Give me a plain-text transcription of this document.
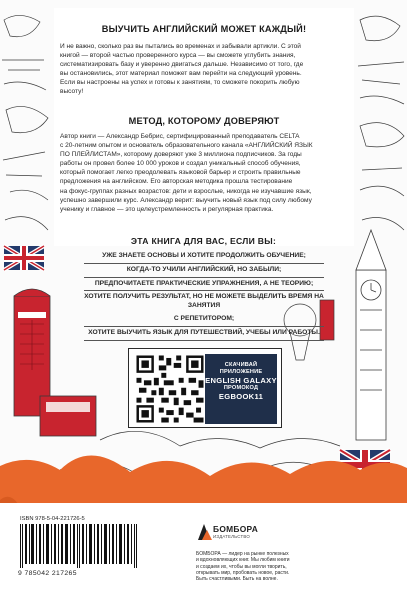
ВЫУЧИТЬ АНГЛИЙСКИЙ МОЖЕТ КАЖДЫЙ!
И не важно, сколько раз вы пытались во временах и забывали артикли. С этой
книгой — второй частью проверенного курса — вы сможете углубить знания,
систематизировать базу и уверенно двигаться дальше. Независимо от того, где
вы остановились, этот материал поможет вам перейти на следующий уровень.
Если вы настроены на успех и готовы к занятиям, то сможете покорить любую
высоту!
МЕТОД, КОТОРОМУ ДОВЕРЯЮТ
Автор книги — Александр Бебрис, сертифицированный преподаватель CELTA
с 20-летним опытом и основатель образовательного канала «АНГЛИЙСКИЙ ЯЗЫК
ПО ПЛЕЙЛИСТАМ», которому доверяют уже 3 миллиона подписчиков. За годы
работы он провел более 10 000 уроков и создал уникальный способ обучения,
который помогает легко преодолевать языковой барьер и строить правильные
предложения на английском. Его авторская методика прошла тестирование
на фокус-группах разных возрастов: дети и взрослые, никогда не изучавшие язык,
успешно завершили курс. Александр верит: выучить новый язык под силу любому
ученику и главное — это целеустремленность и регулярная практика.
ЭТА КНИГА ДЛЯ ВАС, ЕСЛИ ВЫ:
УЖЕ ЗНАЕТЕ ОСНОВЫ И ХОТИТЕ ПРОДОЛЖИТЬ ОБУЧЕНИЕ;
КОГДА-ТО УЧИЛИ АНГЛИЙСКИЙ, НО ЗАБЫЛИ;
ПРЕДПОЧИТАЕТЕ ПРАКТИЧЕСКИЕ УПРАЖНЕНИЯ, А НЕ ТЕОРИЮ;
ХОТИТЕ ПОЛУЧИТЬ РЕЗУЛЬТАТ, НО НЕ МОЖЕТЕ ВЫДЕЛИТЬ ВРЕМЯ НА ЗАНЯТИЯ
С РЕПЕТИТОРОМ;
ХОТИТЕ ВЫУЧИТЬ ЯЗЫК ДЛЯ ПУТЕШЕСТВИЙ, УЧЕБЫ ИЛИ РАБОТЫ.
СКАЧИВАЙ
ПРИЛОЖЕНИЕ
ENGLISH GALAXY
ПРОМОКОД
EGBOOK11
ISBN 978-5-04-221726-5
9 785042 217265
БОМБОРА
ИЗДАТЕЛЬСТВО
БОМБОРА — лидер на рынке полезных
и вдохновляющих книг. Мы любим книги
и создаем их, чтобы вы могли творить,
открывать мир, пробовать новое, расти.
Быть счастливыми. Быть на волне.
